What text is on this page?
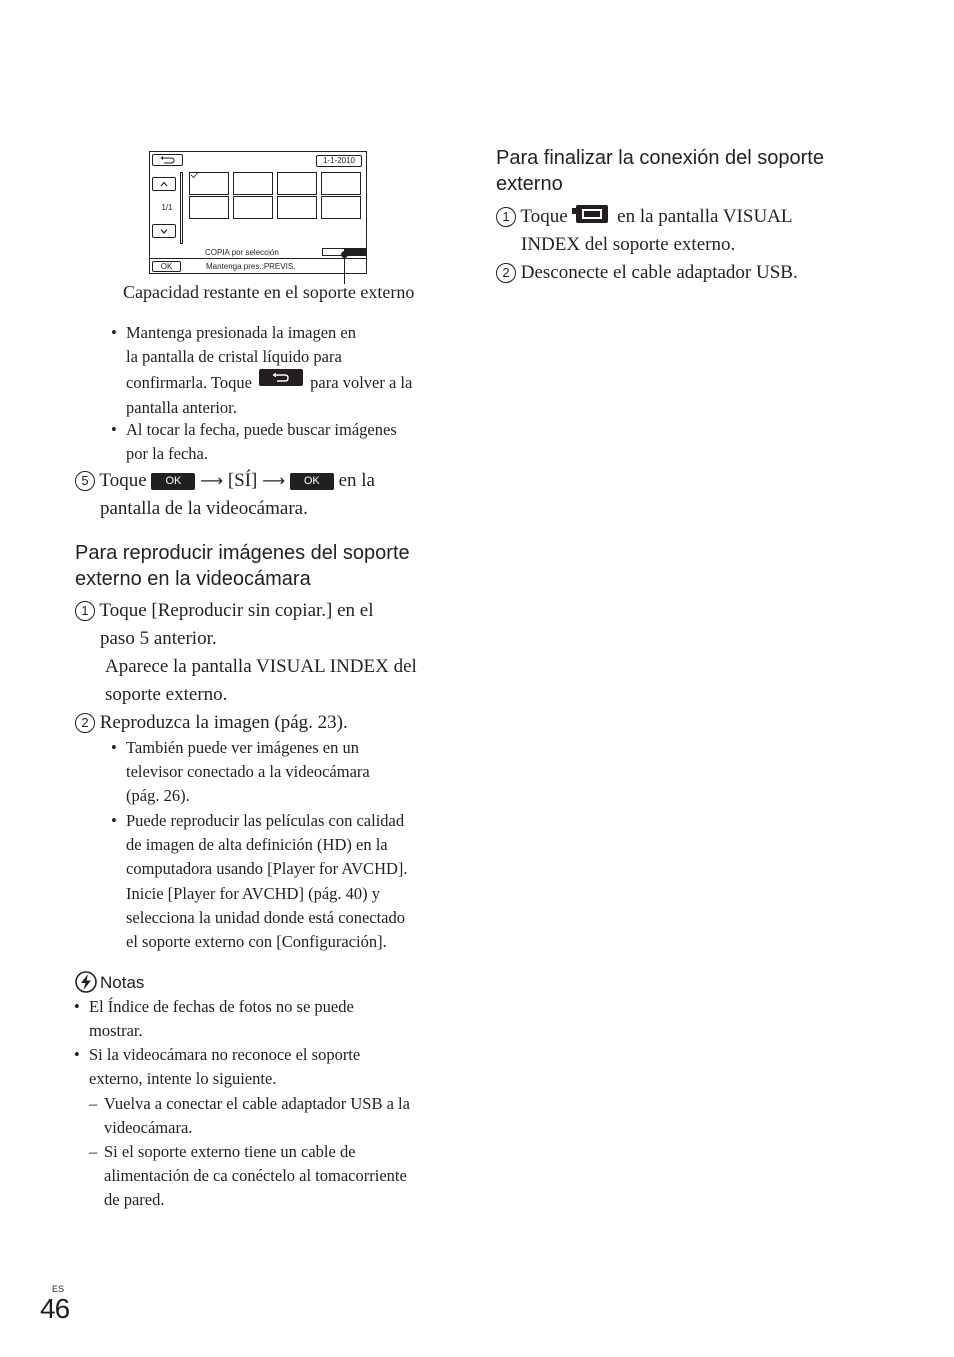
1-1-2010
1/1
COPIA por selección
OK	Mantenga pres.:PREVIS.
Capacidad restante en el soporte externo
• Mantenga presionada la imagen en
la pantalla de cristal líquido para
confirmarla. Toque	para volver a la
pantalla anterior.
• Al tocar la fecha, puede buscar imágenes
por la fecha.
5 Toque OK ⟶ [SÍ] ⟶ OK en la
pantalla de la videocámara.
Para reproducir imágenes del soporte
externo en la videocámara
1 Toque [Reproducir sin copiar.] en el
paso 5 anterior.
Aparece la pantalla VISUAL INDEX del
soporte externo.
2 Reproduzca la imagen (pág. 23).
• También puede ver imágenes en un
televisor conectado a la videocámara
(pág. 26).
• Puede reproducir las películas con calidad
de imagen de alta definición (HD) en la
computadora usando [Player for AVCHD].
Inicie [Player for AVCHD] (pág. 40) y
selecciona la unidad donde está conectado
el soporte externo con [Configuración].
Notas
• El Índice de fechas de fotos no se puede
mostrar.
• Si la videocámara no reconoce el soporte
externo, intente lo siguiente.
– Vuelva a conectar el cable adaptador USB a la
videocámara.
– Si el soporte externo tiene un cable de
alimentación de ca conéctelo al tomacorriente
de pared.
Para finalizar la conexión del soporte
externo
1 Toque	en la pantalla VISUAL
INDEX del soporte externo.
2 Desconecte el cable adaptador USB.
ES
46
